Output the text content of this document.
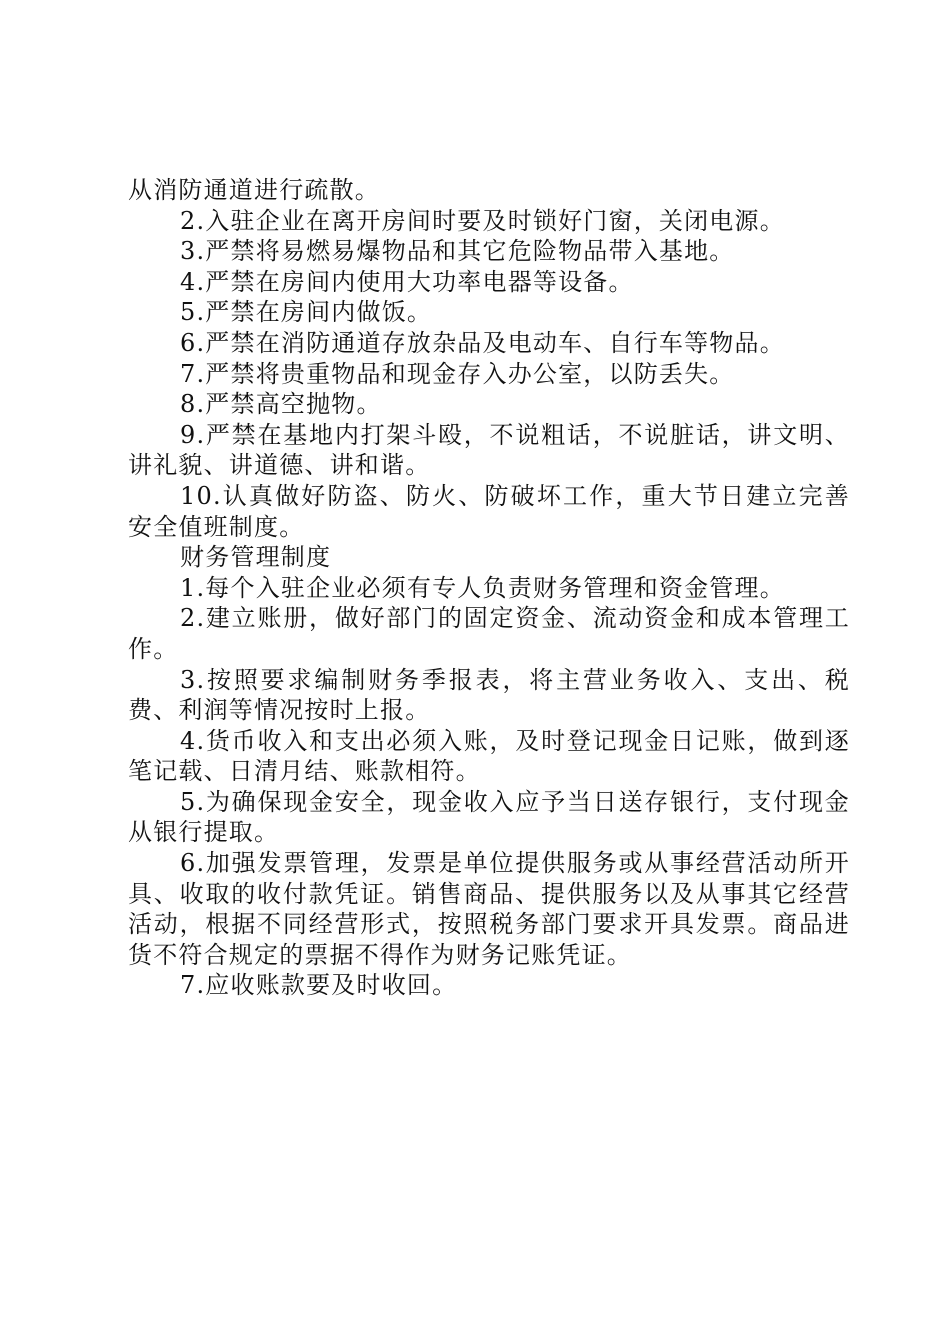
从消防通道进行疏散。

2.入驻企业在离开房间时要及时锁好门窗，关闭电源。

3.严禁将易燃易爆物品和其它危险物品带入基地。

4.严禁在房间内使用大功率电器等设备。

5.严禁在房间内做饭。

6.严禁在消防通道存放杂品及电动车、自行车等物品。

7.严禁将贵重物品和现金存入办公室，以防丢失。

8.严禁高空抛物。

9.严禁在基地内打架斗殴，不说粗话，不说脏话，讲文明、讲礼貌、讲道德、讲和谐。

10.认真做好防盗、防火、防破坏工作，重大节日建立完善安全值班制度。

财务管理制度

1.每个入驻企业必须有专人负责财务管理和资金管理。

2.建立账册，做好部门的固定资金、流动资金和成本管理工作。

3.按照要求编制财务季报表，将主营业务收入、支出、税费、利润等情况按时上报。

4.货币收入和支出必须入账，及时登记现金日记账，做到逐笔记载、日清月结、账款相符。

5.为确保现金安全，现金收入应予当日送存银行，支付现金从银行提取。

6.加强发票管理，发票是单位提供服务或从事经营活动所开具、收取的收付款凭证。销售商品、提供服务以及从事其它经营活动，根据不同经营形式，按照税务部门要求开具发票。商品进货不符合规定的票据不得作为财务记账凭证。

7.应收账款要及时收回。
